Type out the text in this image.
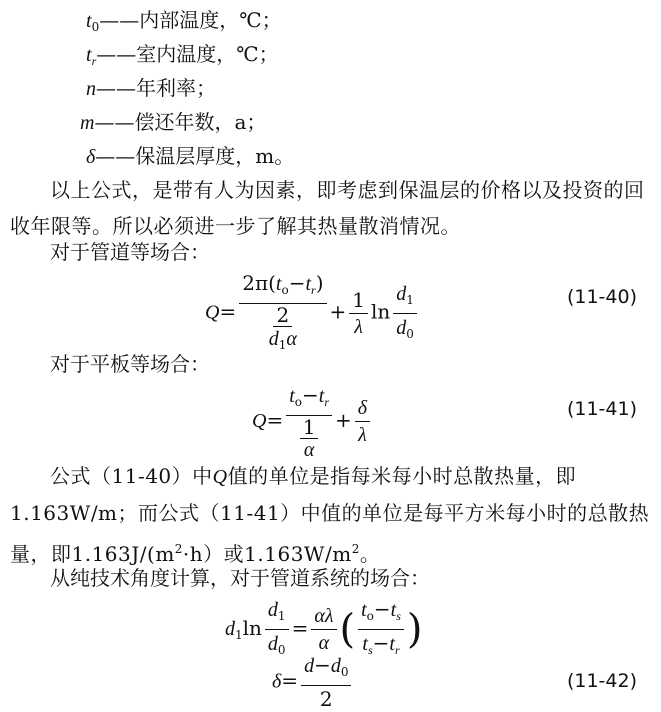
$t_0——$内部温度，℃；
$t_r——$室内温度，℃；
n——年利率；
m——偿还年数，a；
δ——保温层厚度，m。

以上公式，是带有人为因素，即考虑到保温层的价格以及投资的回收年限等。所以必须进一步了解其热量散消情况。

对于管道等场合：
$Q= \frac{2\pi(t_o-t_r)}{\frac{2}{d_1\alpha}} + \frac{1}{\lambda}$ $\ln \frac{d_1}{d_0}$	(11-40)
对于平板等场合：
$Q= \frac{t_o-t_r}{\frac{1}{\alpha}} + \frac{\delta}{\lambda}$	(11-41)

公式（11-40）中Q值的单位是指每米每小时总散热量，即1.163W/m；而公式（11-41）中值的单位是每平方米每小时的总散热量，即$1.163J/(m^2\cdot h)$或$1.163W/m^2$。

从纯技术角度计算，对于管道系统的场合：
$d_1\ln \frac{d_1}{d_0} = \frac{\alpha\lambda}{\alpha}$ ( $\frac{t_o-t_s}{t_s-t_r}$ )
$\delta= \frac{d-d_0}{2}$	(11-42)
